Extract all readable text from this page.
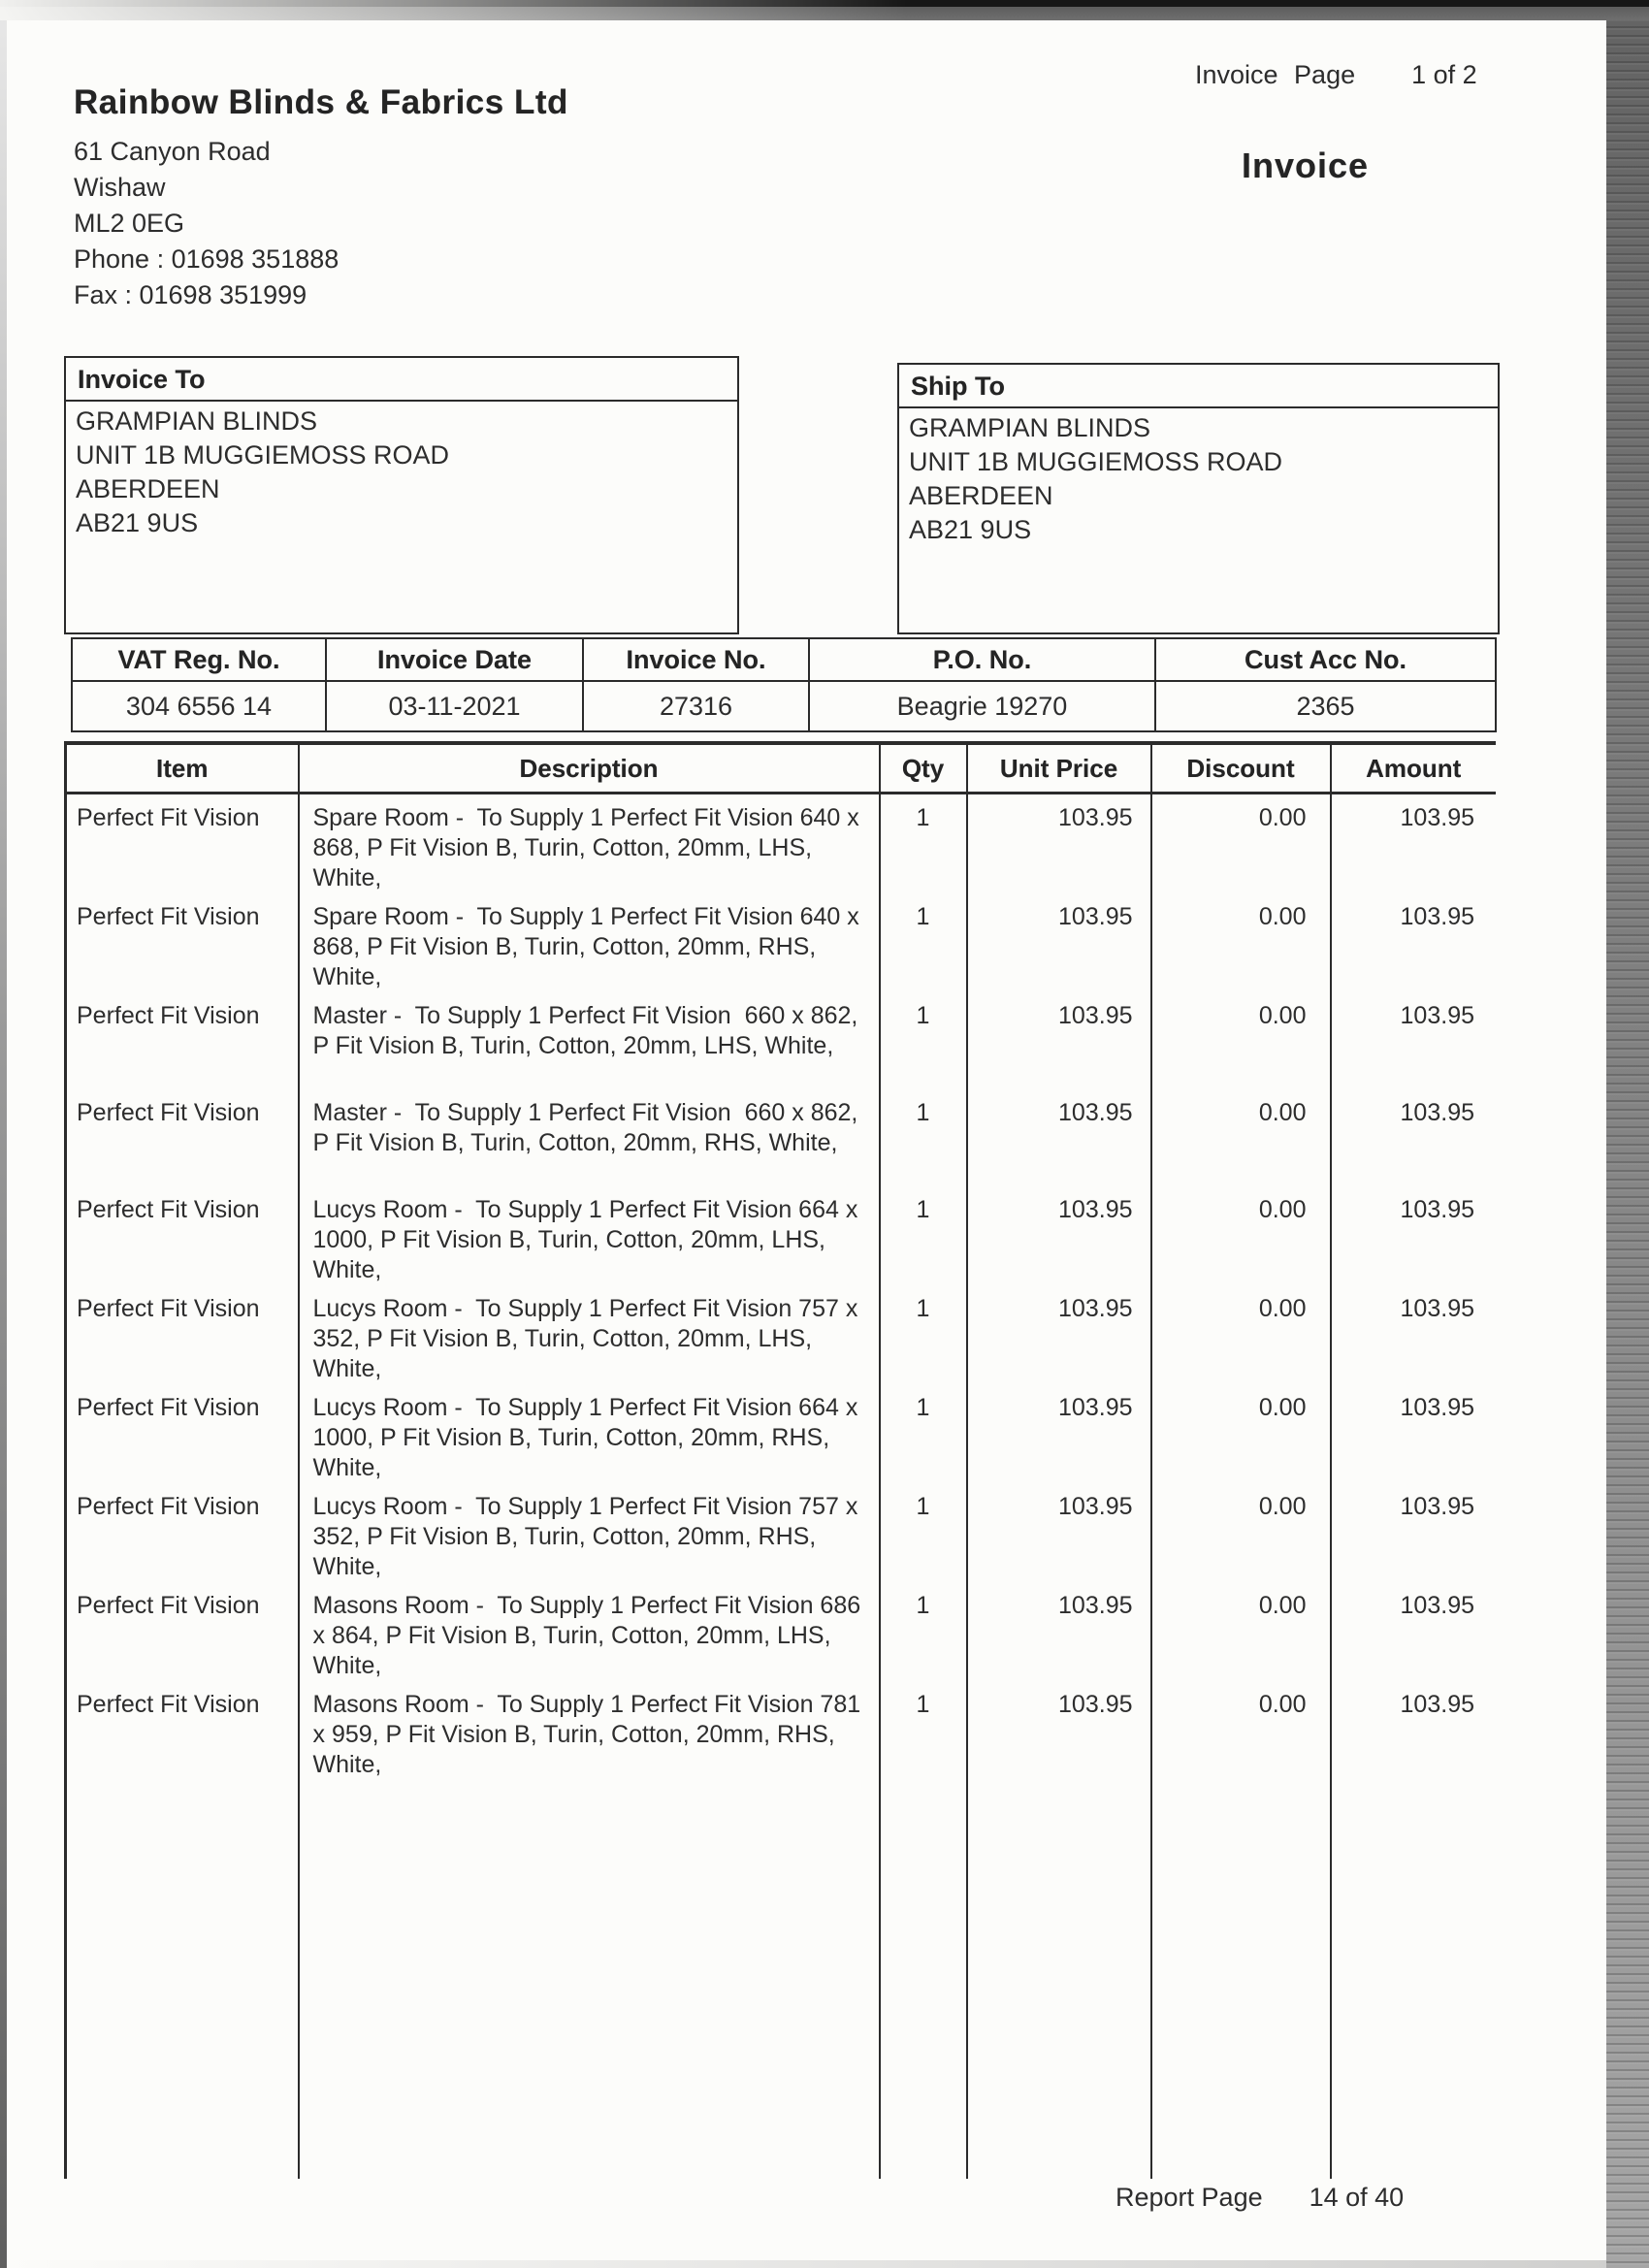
Rainbow Blinds & Fabrics Ltd
61 Canyon Road
Wishaw
ML2 0EG
Phone : 01698 351888
Fax : 01698 351999
Invoice Page 1 of 2
Invoice
Invoice To
GRAMPIAN BLINDS
UNIT 1B MUGGIEMOSS ROAD
ABERDEEN
AB21 9US
Ship To
GRAMPIAN BLINDS
UNIT 1B MUGGIEMOSS ROAD
ABERDEEN
AB21 9US
VAT Reg. No.	Invoice Date	Invoice No.	P.O. No.	Cust Acc No.
304 6556 14	03-11-2021	27316	Beagrie 19270	2365
Item	Description	Qty	Unit Price	Discount	Amount
Perfect Fit Vision	Spare Room -  To Supply 1 Perfect Fit Vision 640 x 868, P Fit Vision B, Turin, Cotton, 20mm, LHS, White,	1	103.95	0.00	103.95
Perfect Fit Vision	Spare Room -  To Supply 1 Perfect Fit Vision 640 x 868, P Fit Vision B, Turin, Cotton, 20mm, RHS, White,	1	103.95	0.00	103.95
Perfect Fit Vision	Master -  To Supply 1 Perfect Fit Vision  660 x 862, P Fit Vision B, Turin, Cotton, 20mm, LHS, White,	1	103.95	0.00	103.95
Perfect Fit Vision	Master -  To Supply 1 Perfect Fit Vision  660 x 862, P Fit Vision B, Turin, Cotton, 20mm, RHS, White,	1	103.95	0.00	103.95
Perfect Fit Vision	Lucys Room -  To Supply 1 Perfect Fit Vision 664 x 1000, P Fit Vision B, Turin, Cotton, 20mm, LHS, White,	1	103.95	0.00	103.95
Perfect Fit Vision	Lucys Room -  To Supply 1 Perfect Fit Vision 757 x 352, P Fit Vision B, Turin, Cotton, 20mm, LHS, White,	1	103.95	0.00	103.95
Perfect Fit Vision	Lucys Room -  To Supply 1 Perfect Fit Vision 664 x 1000, P Fit Vision B, Turin, Cotton, 20mm, RHS, White,	1	103.95	0.00	103.95
Perfect Fit Vision	Lucys Room -  To Supply 1 Perfect Fit Vision 757 x 352, P Fit Vision B, Turin, Cotton, 20mm, RHS, White,	1	103.95	0.00	103.95
Perfect Fit Vision	Masons Room -  To Supply 1 Perfect Fit Vision 686 x 864, P Fit Vision B, Turin, Cotton, 20mm, LHS, White,	1	103.95	0.00	103.95
Perfect Fit Vision	Masons Room -  To Supply 1 Perfect Fit Vision 781 x 959, P Fit Vision B, Turin, Cotton, 20mm, RHS, White,	1	103.95	0.00	103.95

Report Page 14 of 40
